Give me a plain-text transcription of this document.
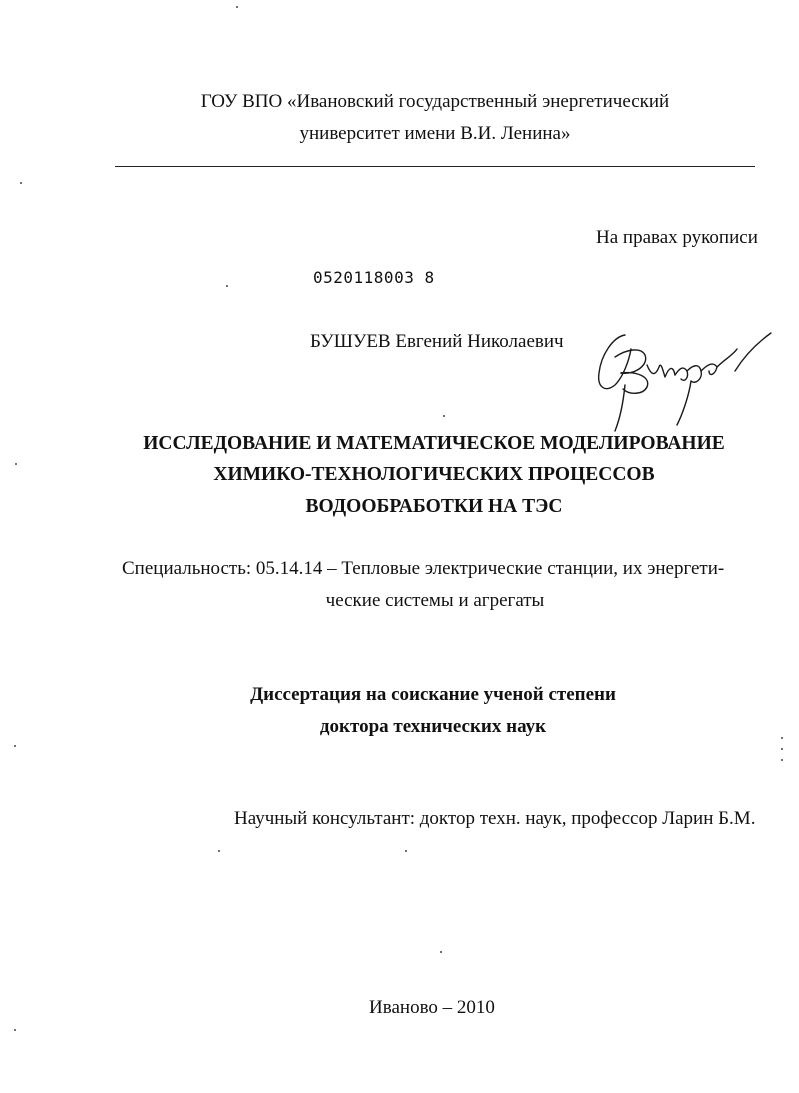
ГОУ ВПО «Ивановский государственный энергетический
университет имени В.И. Ленина»
На правах рукописи
0520118003 8
БУШУЕВ Евгений Николаевич
ИССЛЕДОВАНИЕ И МАТЕМАТИЧЕСКОЕ МОДЕЛИРОВАНИЕ
ХИМИКО-ТЕХНОЛОГИЧЕСКИХ ПРОЦЕССОВ
ВОДООБРАБОТКИ НА ТЭС
Специальность: 05.14.14 – Тепловые электрические станции, их энергети-
ческие системы и агрегаты
Диссертация на соискание ученой степени
доктора технических наук
Научный консультант: доктор техн. наук, профессор Ларин Б.М.
Иваново – 2010
